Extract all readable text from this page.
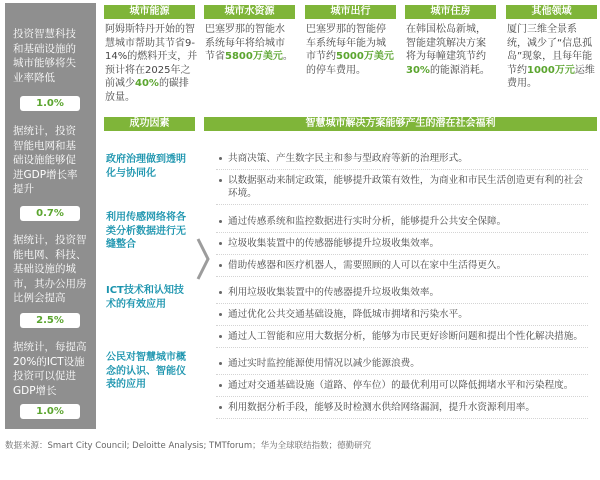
投资智慧科技和基础设施的城市能够将失业率降低

1.0%

据统计，投资智能电网和基础设施能够促进GDP增长率提升

0.7%

据统计，投资智能电网、科技、基础设施的城市，其办公用房比例会提高

2.5%

据统计，每提高20%的ICT设施投资可以促进GDP增长

1.0%
城市能源	城市水资源	城市出行	城市住房	其他领域

阿姆斯特丹开始的智慧城市帮助其节省9-14%的燃料开支，并预计将在2025年之前减少40%的碳排放量。

巴塞罗那的智能水系统每年将给城市节省5800万美元。

巴塞罗那的智能停车系统每年能为城市节约5000万美元的停车费用。

在韩国松岛新城，智能建筑解决方案将为每幢建筑节约30%的能源消耗。

厦门三维全景系统，减少了“信息孤岛”现象，且每年能节约1000万元运维费用。

成功因素	智慧城市解决方案能够产生的潜在社会福利

政府治理做到透明化与协同化

利用传感网络将各类分析数据进行无缝整合

ICT技术和认知技术的有效应用

公民对智慧城市概念的认识、智能仪表的应用

共商决策、产生数字民主和参与型政府等新的治理形式。
以数据驱动来制定政策，能够提升政策有效性，为商业和市民生活创造更有利的社会环境。
通过传感系统和监控数据进行实时分析，能够提升公共安全保障。
垃圾收集装置中的传感器能够提升垃圾收集效率。
借助传感器和医疗机器人，需要照顾的人可以在家中生活得更久。
利用垃圾收集装置中的传感器提升垃圾收集效率。
通过优化公共交通基础设施，降低城市拥堵和污染水平。
通过人工智能和应用大数据分析，能够为市民更好诊断问题和提出个性化解决措施。
通过实时监控能源使用情况以减少能源浪费。
通过对交通基础设施（道路、停车位）的最优利用可以降低拥堵水平和污染程度。
利用数据分析手段，能够及时检测水供给网络漏洞，提升水资源利用率。

数据来源：Smart City Council; Deloitte Analysis; TMTforum；华为全球联结指数；德勤研究
